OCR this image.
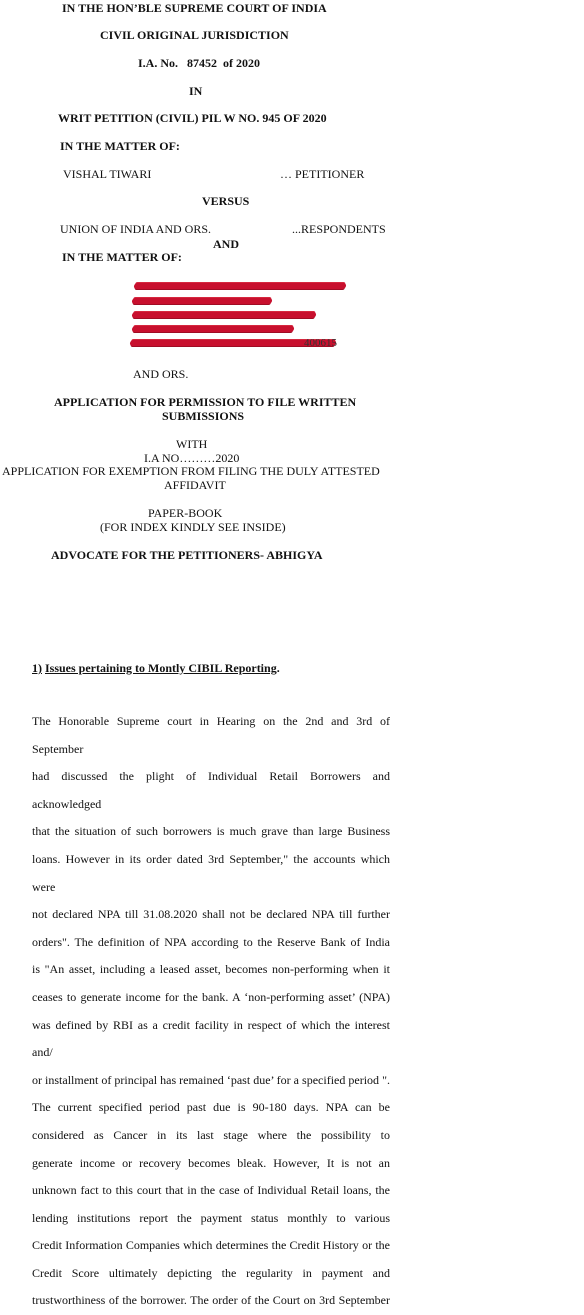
IN THE HON’BLE SUPREME COURT OF INDIA
CIVIL ORIGINAL JURISDICTION
I.A. No.   87452  of 2020
IN
WRIT PETITION (CIVIL) PIL W NO. 945 OF 2020
IN THE MATTER OF:
VISHAL TIWARI	… PETITIONER
VERSUS
UNION OF INDIA AND ORS.	...RESPONDENTS
AND
IN THE MATTER OF:
400615
AND ORS.
APPLICATION FOR PERMISSION TO FILE WRITTEN
SUBMISSIONS
WITH
I.A NO………2020
APPLICATION FOR EXEMPTION FROM FILING THE DULY ATTESTED
AFFIDAVIT
PAPER-BOOK
(FOR INDEX KINDLY SEE INSIDE)
ADVOCATE FOR THE PETITIONERS- ABHIGYA
1) Issues pertaining to Montly CIBIL Reporting.

The Honorable Supreme court in Hearing on the 2nd and 3rd of September

had discussed the plight of Individual Retail Borrowers and acknowledged

that the situation of such borrowers is much grave than large Business

loans. However in its order dated 3rd September," the accounts which were

not declared NPA till 31.08.2020 shall not be declared NPA till further

orders". The definition of NPA according to the Reserve Bank of India

is "An asset, including a leased asset, becomes non-performing when it

ceases to generate income for the bank. A ‘non-performing asset’ (NPA)

was defined by RBI as a credit facility in respect of which the interest and/

or installment of principal has remained ‘past due’ for a specified period ".

The current specified period past due is 90-180 days. NPA can be

considered as Cancer in its last stage where the possibility to

generate income or recovery becomes bleak. However, It is not an

unknown fact to this court that in the case of Individual Retail loans, the

lending institutions report the payment status monthly to various

Credit Information Companies which determines the Credit History or the

Credit Score ultimately depicting the regularity in payment and

trustworthiness of the borrower. The order of the Court on 3rd September
